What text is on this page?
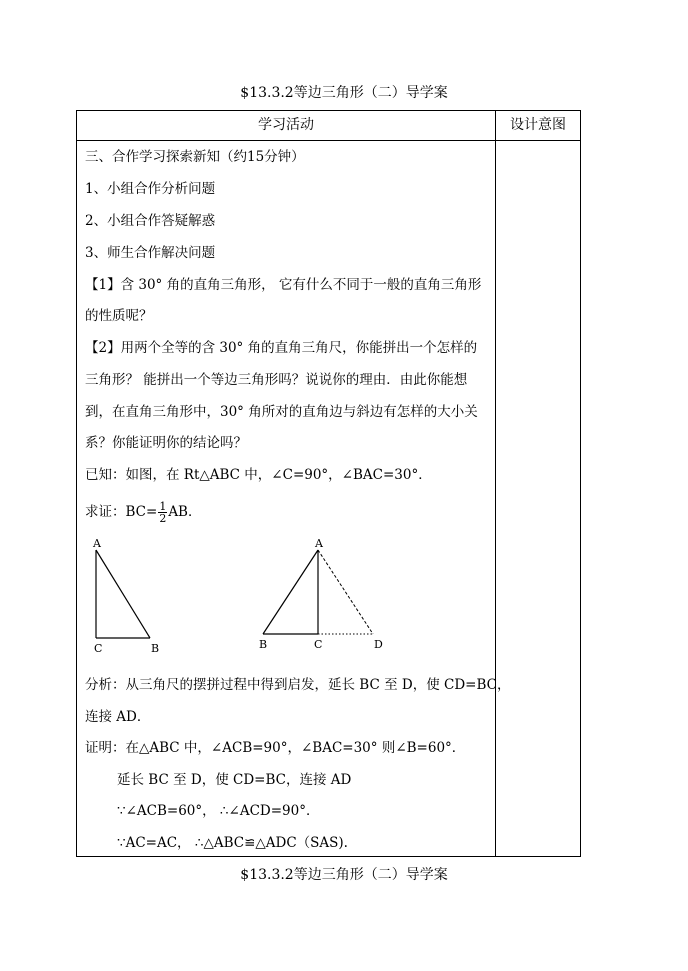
$13.3.2等边三角形（二）导学案
学习活动	设计意图
三、合作学习探索新知（约15分钟）
1、小组合作分析问题
2、小组合作答疑解惑
3、师生合作解决问题
【1】含 30° 角的直角三角形， 它有什么不同于一般的直角三角形
的性质呢？
【2】用两个全等的含 30° 角的直角三角尺，你能拼出一个怎样的
三角形？ 能拼出一个等边三角形吗？说说你的理由．由此你能想
到，在直角三角形中，30° 角所对的直角边与斜边有怎样的大小关
系？你能证明你的结论吗？
已知：如图，在 Rt△ABC 中，∠C=90°，∠BAC=30°．
求证：$BC= \frac{1}{2}$ AB．
分析：从三角尺的摆拼过程中得到启发，延长 BC 至 D，使 CD=BC，
连接 AD．
证明：在△ABC 中，∠ACB=90°，∠BAC=30° 则∠B=60°．
延长 BC 至 D，使 CD=BC，连接 AD
∵∠ACB=60°， ∴∠ACD=90°．
∵AC=AC， ∴△ABC≌△ADC（SAS).
A
C	B
A
B	C	D
$13.3.2等边三角形（二）导学案
